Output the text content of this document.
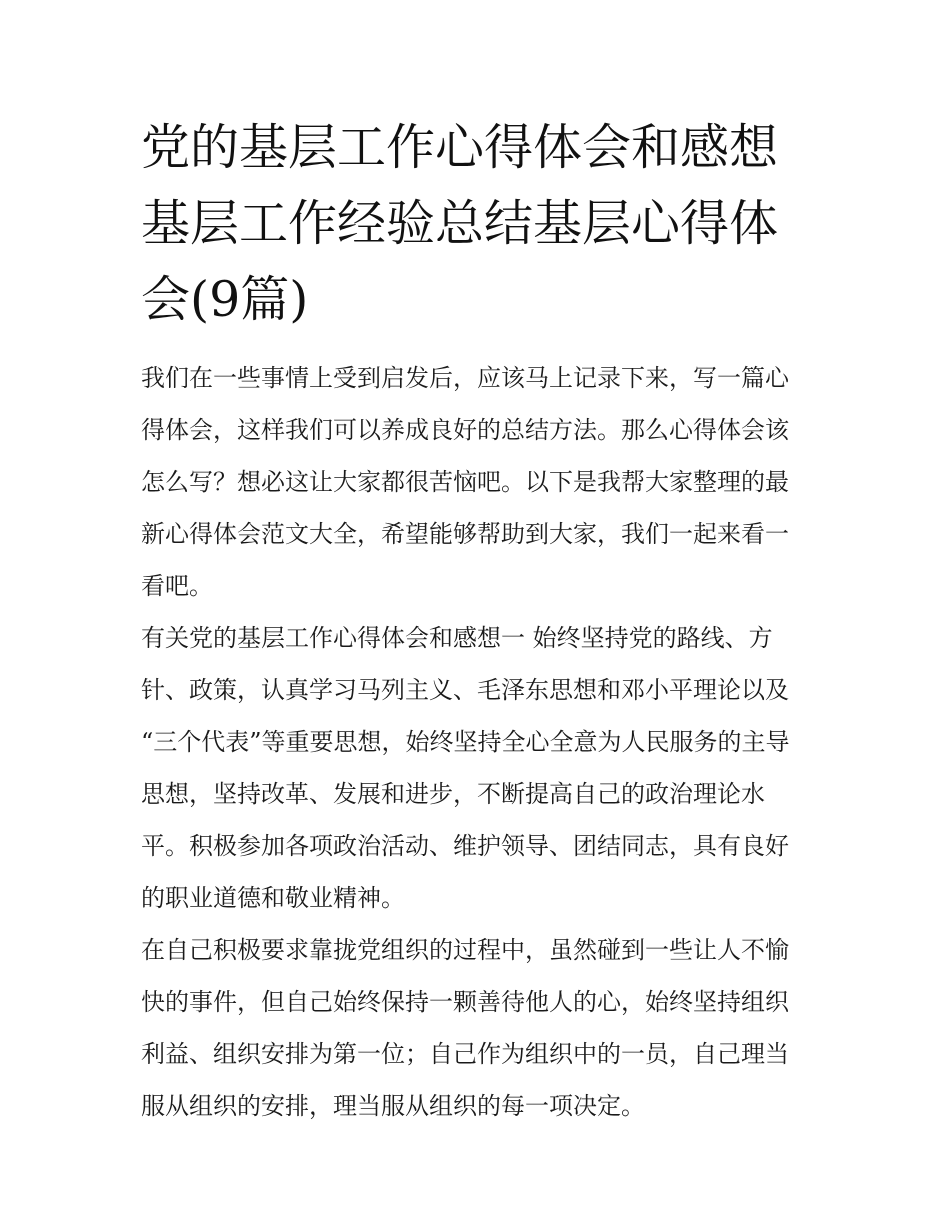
党的基层工作心得体会和感想
基层工作经验总结基层心得体
会(9篇)

我们在一些事情上受到启发后，应该马上记录下来，写一篇心
得体会，这样我们可以养成良好的总结方法。那么心得体会该
怎么写？想必这让大家都很苦恼吧。以下是我帮大家整理的最
新心得体会范文大全，希望能够帮助到大家，我们一起来看一
看吧。

有关党的基层工作心得体会和感想一 始终坚持党的路线、方
针、政策，认真学习马列主义、毛泽东思想和邓小平理论以及
“三个代表”等重要思想，始终坚持全心全意为人民服务的主导
思想，坚持改革、发展和进步，不断提高自己的政治理论水
平。积极参加各项政治活动、维护领导、团结同志，具有良好
的职业道德和敬业精神。

在自己积极要求靠拢党组织的过程中，虽然碰到一些让人不愉
快的事件，但自己始终保持一颗善待他人的心，始终坚持组织
利益、组织安排为第一位；自己作为组织中的一员，自己理当
服从组织的安排，理当服从组织的每一项决定。
